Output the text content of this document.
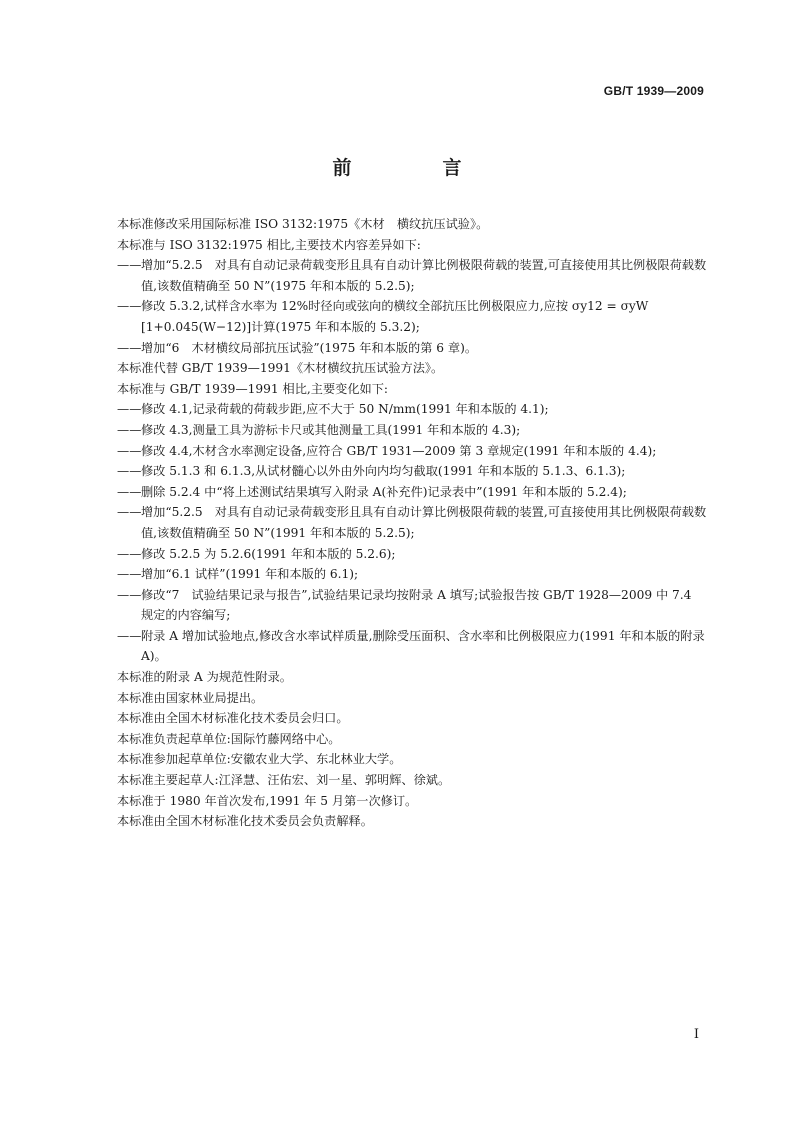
GB/T 1939—2009
前　言

本标准修改采用国际标准 ISO 3132:1975《木材　横纹抗压试验》。

本标准与 ISO 3132:1975 相比,主要技术内容差异如下:

——增加“5.2.5　对具有自动记录荷载变形且具有自动计算比例极限荷载的装置,可直接使用其比例极限荷载数值,该数值精确至 50 N”(1975 年和本版的 5.2.5);

——修改 5.3.2,试样含水率为 12%时径向或弦向的横纹全部抗压比例极限应力,应按 σy12 = σyW [1+0.045(W−12)]计算(1975 年和本版的 5.3.2);

——增加“6　木材横纹局部抗压试验”(1975 年和本版的第 6 章)。

本标准代替 GB/T 1939—1991《木材横纹抗压试验方法》。

本标准与 GB/T 1939—1991 相比,主要变化如下:

——修改 4.1,记录荷载的荷载步距,应不大于 50 N/mm(1991 年和本版的 4.1);

——修改 4.3,测量工具为游标卡尺或其他测量工具(1991 年和本版的 4.3);

——修改 4.4,木材含水率测定设备,应符合 GB/T 1931—2009 第 3 章规定(1991 年和本版的 4.4);

——修改 5.1.3 和 6.1.3,从试材髓心以外由外向内均匀截取(1991 年和本版的 5.1.3、6.1.3);

——删除 5.2.4 中“将上述测试结果填写入附录 A(补充件)记录表中”(1991 年和本版的 5.2.4);

——增加“5.2.5　对具有自动记录荷载变形且具有自动计算比例极限荷载的装置,可直接使用其比例极限荷载数值,该数值精确至 50 N”(1991 年和本版的 5.2.5);

——修改 5.2.5 为 5.2.6(1991 年和本版的 5.2.6);

——增加“6.1 试样”(1991 年和本版的 6.1);

——修改“7　试验结果记录与报告”,试验结果记录均按附录 A 填写;试验报告按 GB/T 1928—2009 中 7.4 规定的内容编写;

——附录 A 增加试验地点,修改含水率试样质量,删除受压面积、含水率和比例极限应力(1991 年和本版的附录 A)。

本标准的附录 A 为规范性附录。

本标准由国家林业局提出。

本标准由全国木材标准化技术委员会归口。

本标准负责起草单位:国际竹藤网络中心。

本标准参加起草单位:安徽农业大学、东北林业大学。

本标准主要起草人:江泽慧、汪佑宏、刘一星、郭明辉、徐斌。

本标准于 1980 年首次发布,1991 年 5 月第一次修订。

本标准由全国木材标准化技术委员会负责解释。

I
